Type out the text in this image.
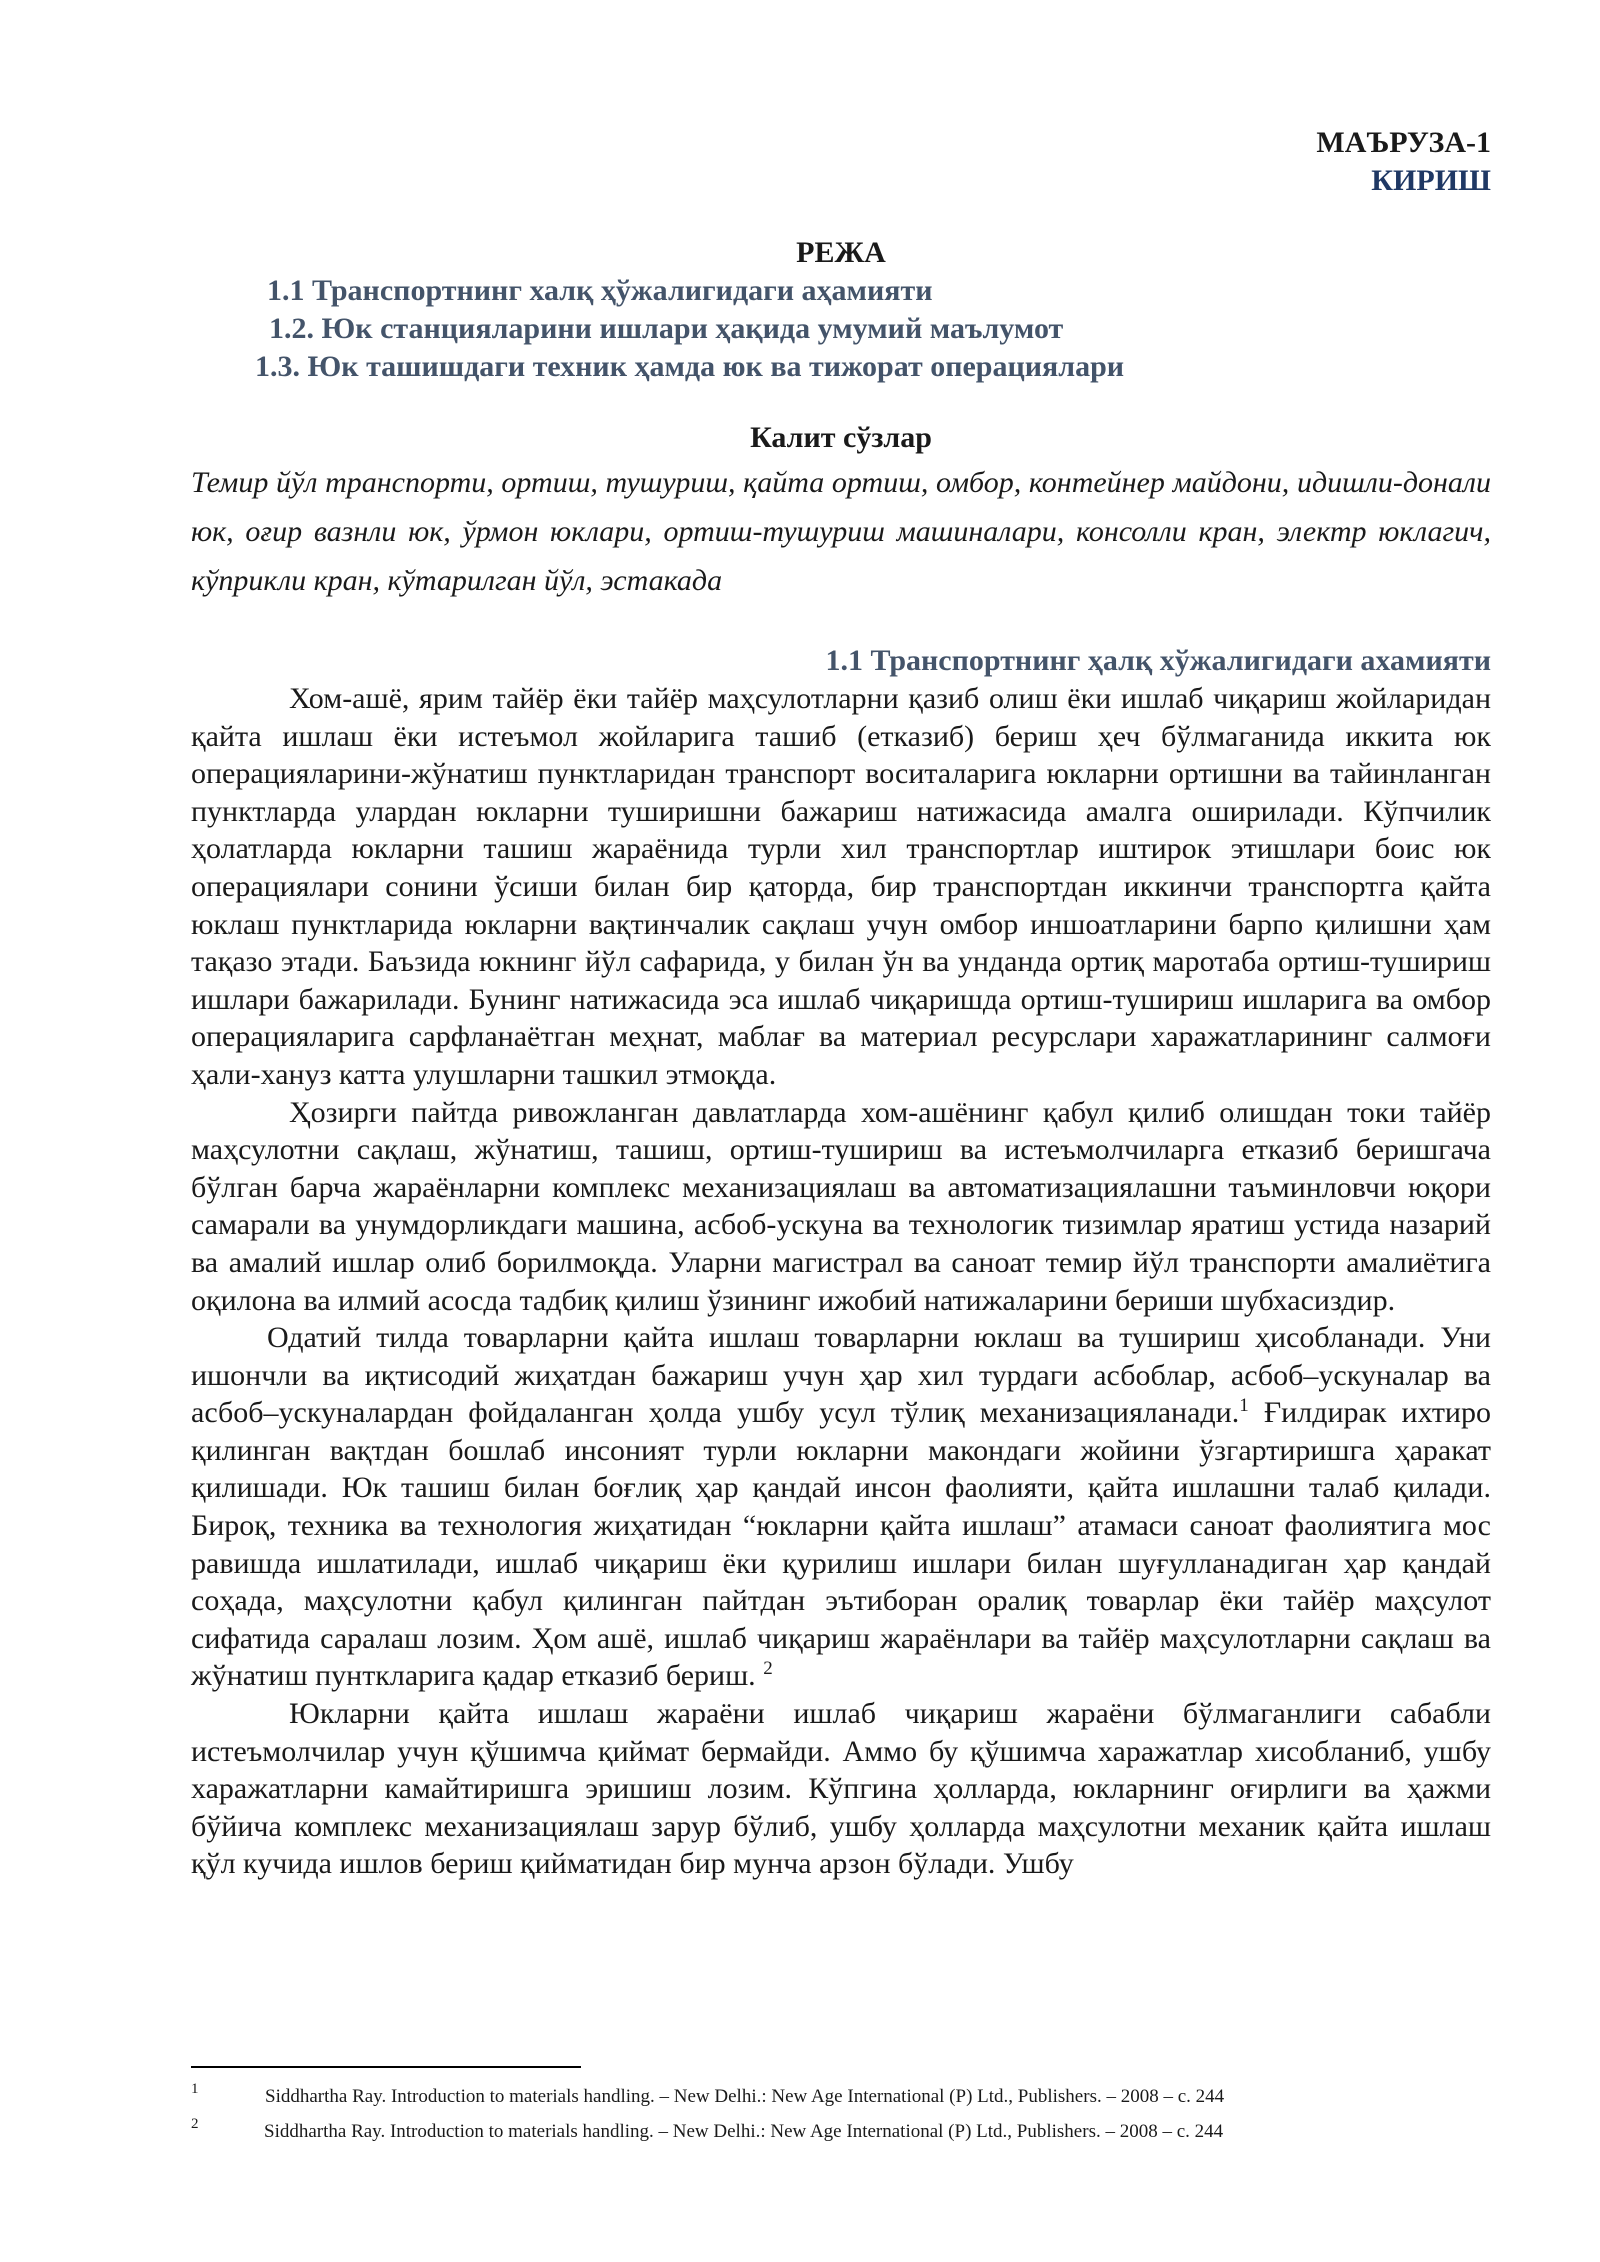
МАЪРУЗА-1
КИРИШ
РЕЖА
1.1 Транспортнинг халқ ҳўжалигидаги аҳамияти
1.2. Юк станцияларини ишлари ҳақида умумий маълумот
1.3. Юк ташишдаги техник ҳамда юк ва тижорат операциялари
Калит сўзлар
Темир йўл транспорти, ортиш, тушуриш, қайта ортиш, омбор, контейнер майдони, идишли-донали юк, оғир вазнли юк, ўрмон юклари, ортиш-тушуриш машиналари, консолли кран, электр юклагич, кўприкли кран, кўтарилган йўл, эстакада
1.1 Транспортнинг ҳалқ хўжалигидаги ахамияти

Хом-ашё, ярим тайёр ёки тайёр маҳсулотларни қазиб олиш ёки ишлаб чиқариш жойларидан қайта ишлаш ёки истеъмол жойларига ташиб (етказиб) бериш ҳеч бўлмаганида иккита юк операцияларини-жўнатиш пунктларидан транспорт воситаларига юкларни ортишни ва тайинланган пунктларда улардан юкларни туширишни бажариш натижасида амалга оширилади. Кўпчилик ҳолатларда юкларни ташиш жараёнида турли хил транспортлар иштирок этишлари боис юк операциялари сонини ўсиши билан бир қаторда, бир транспортдан иккинчи транспортга қайта юклаш пунктларида юкларни вақтинчалик сақлаш учун омбор иншоатларини барпо қилишни ҳам тақазо этади. Баъзида юкнинг йўл сафарида, у билан ўн ва унданда ортиқ маротаба ортиш-тушириш ишлари бажарилади. Бунинг натижасида эса ишлаб чиқаришда ортиш-тушириш ишларига ва омбор операцияларига сарфланаётган меҳнат, маблағ ва материал ресурслари харажатларининг салмоғи ҳали-хануз катта улушларни ташкил этмоқда.

Ҳозирги пайтда ривожланган давлатларда хом-ашёнинг қабул қилиб олишдан токи тайёр маҳсулотни сақлаш, жўнатиш, ташиш, ортиш-тушириш ва истеъмолчиларга етказиб беришгача бўлган барча жараёнларни комплекс механизациялаш ва автоматизациялашни таъминловчи юқори самарали ва унумдорликдаги машина, асбоб-ускуна ва технологик тизимлар яратиш устида назарий ва амалий ишлар олиб борилмоқда. Уларни магистрал ва саноат темир йўл транспорти амалиётига оқилона ва илмий асосда тадбиқ қилиш ўзининг ижобий натижаларини бериши шубхасиздир.

Одатий тилда товарларни қайта ишлаш товарларни юклаш ва тушириш ҳисобланади. Уни ишончли ва иқтисодий жиҳатдан бажариш учун ҳар хил турдаги асбоблар, асбоб–ускуналар ва асбоб–ускуналардан фойдаланган ҳолда ушбу усул тўлиқ механизацияланади.$^1$ Ғилдирак ихтиро қилинган вақтдан бошлаб инсоният турли юкларни макондаги жойини ўзгартиришга ҳаракат қилишади. Юк ташиш билан боғлиқ ҳар қандай инсон фаолияти, қайта ишлашни талаб қилади. Бироқ, техника ва технология жиҳатидан “юкларни қайта ишлаш” атамаси саноат фаолиятига мос равишда ишлатилади, ишлаб чиқариш ёки қурилиш ишлари билан шуғулланадиган ҳар қандай соҳада, маҳсулотни қабул қилинган пайтдан эътиборан оралиқ товарлар ёки тайёр маҳсулот сифатида саралаш лозим. Ҳом ашё, ишлаб чиқариш жараёнлари ва тайёр маҳсулотларни сақлаш ва жўнатиш пунткларига қадар етказиб бериш. $^2$

Юкларни қайта ишлаш жараёни ишлаб чиқариш жараёни бўлмаганлиги сабабли истеъмолчилар учун қўшимча қиймат бермайди. Аммо бу қўшимча харажатлар хисобланиб, ушбу харажатларни камайтиришга эришиш лозим. Кўпгина ҳолларда, юкларнинг оғирлиги ва ҳажми бўйича комплекс механизациялаш зарур бўлиб, ушбу ҳолларда маҳсулотни механик қайта ишлаш қўл кучида ишлов бериш қийматидан бир мунча арзон бўлади. Ушбу

1	Siddhartha Ray. Introduction to materials handling. – New Delhi.: New Age International (P) Ltd., Publishers. – 2008 – с. 244
2	Siddhartha Ray. Introduction to materials handling. – New Delhi.: New Age International (P) Ltd., Publishers. – 2008 – с. 244
